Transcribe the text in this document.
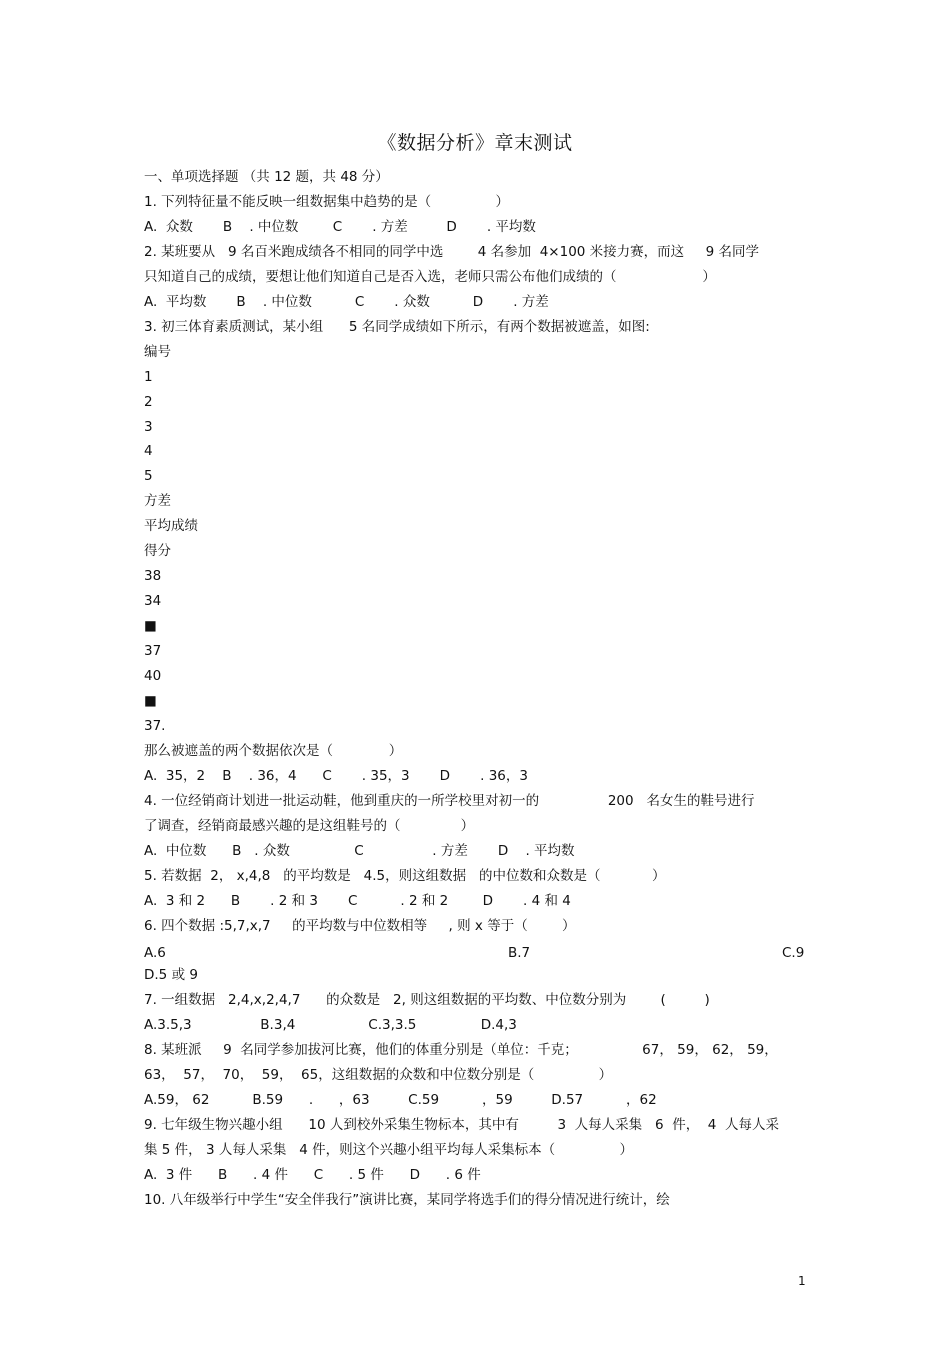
《数据分析》章末测试
一、单项选择题 （共 12 题，共 48 分）
1. 下列特征量不能反映一组数据集中趋势的是（               ）
A.  众数       B    . 中位数        C       . 方差         D       . 平均数
2. 某班要从   9 名百米跑成绩各不相同的同学中选        4 名参加  4×100 米接力赛，而这     9 名同学
只知道自己的成绩，要想让他们知道自己是否入选，老师只需公布他们成绩的（                    ）
A.  平均数       B    . 中位数          C       . 众数          D       . 方差
3. 初三体育素质测试，某小组      5 名同学成绩如下所示，有两个数据被遮盖，如图:
编号
1
2
3
4
5
方差
平均成绩
得分
38
34
■
37
40
■
37.
那么被遮盖的两个数据依次是（             ）
A.  35，2    B    . 36，4      C       . 35，3       D       . 36，3
4. 一位经销商计划进一批运动鞋，他到重庆的一所学校里对初一的                200   名女生的鞋号进行
了调查，经销商最感兴趣的是这组鞋号的（              ）
A.  中位数      B   . 众数               C                . 方差       D    . 平均数
5. 若数据  2， x,4,8   的平均数是   4.5，则这组数据   的中位数和众数是（            ）
A.  3 和 2      B       . 2 和 3       C          . 2 和 2        D       . 4 和 4
6. 四个数据 :5,7,x,7     的平均数与中位数相等     , 则 x 等于（        ）
D.5 或 9
7. 一组数据   2,4,x,2,4,7      的众数是   2, 则这组数据的平均数、中位数分别为        (         )
A.3.5,3                B.3,4                 C.3,3.5               D.4,3
8. 某班派     9  名同学参加拔河比赛，他们的体重分别是（单位：千克；               67， 59， 62， 59，
63，  57，  70，  59，  65，这组数据的众数和中位数分别是（               ）
A.59， 62          B.59      .      ，63         C.59          ，59         D.57          ，62
9. 七年级生物兴趣小组      10 人到校外采集生物标本，其中有         3  人每人采集   6  件，  4  人每人采
集 5 件， 3 人每人采集   4 件，则这个兴趣小组平均每人采集标本（               ）
A.  3 件      B      . 4 件      C      . 5 件      D      . 6 件
10. 八年级举行中学生“安全伴我行”演讲比赛，某同学将选手们的得分情况进行统计，绘
A.6	B.7	C.9
1
